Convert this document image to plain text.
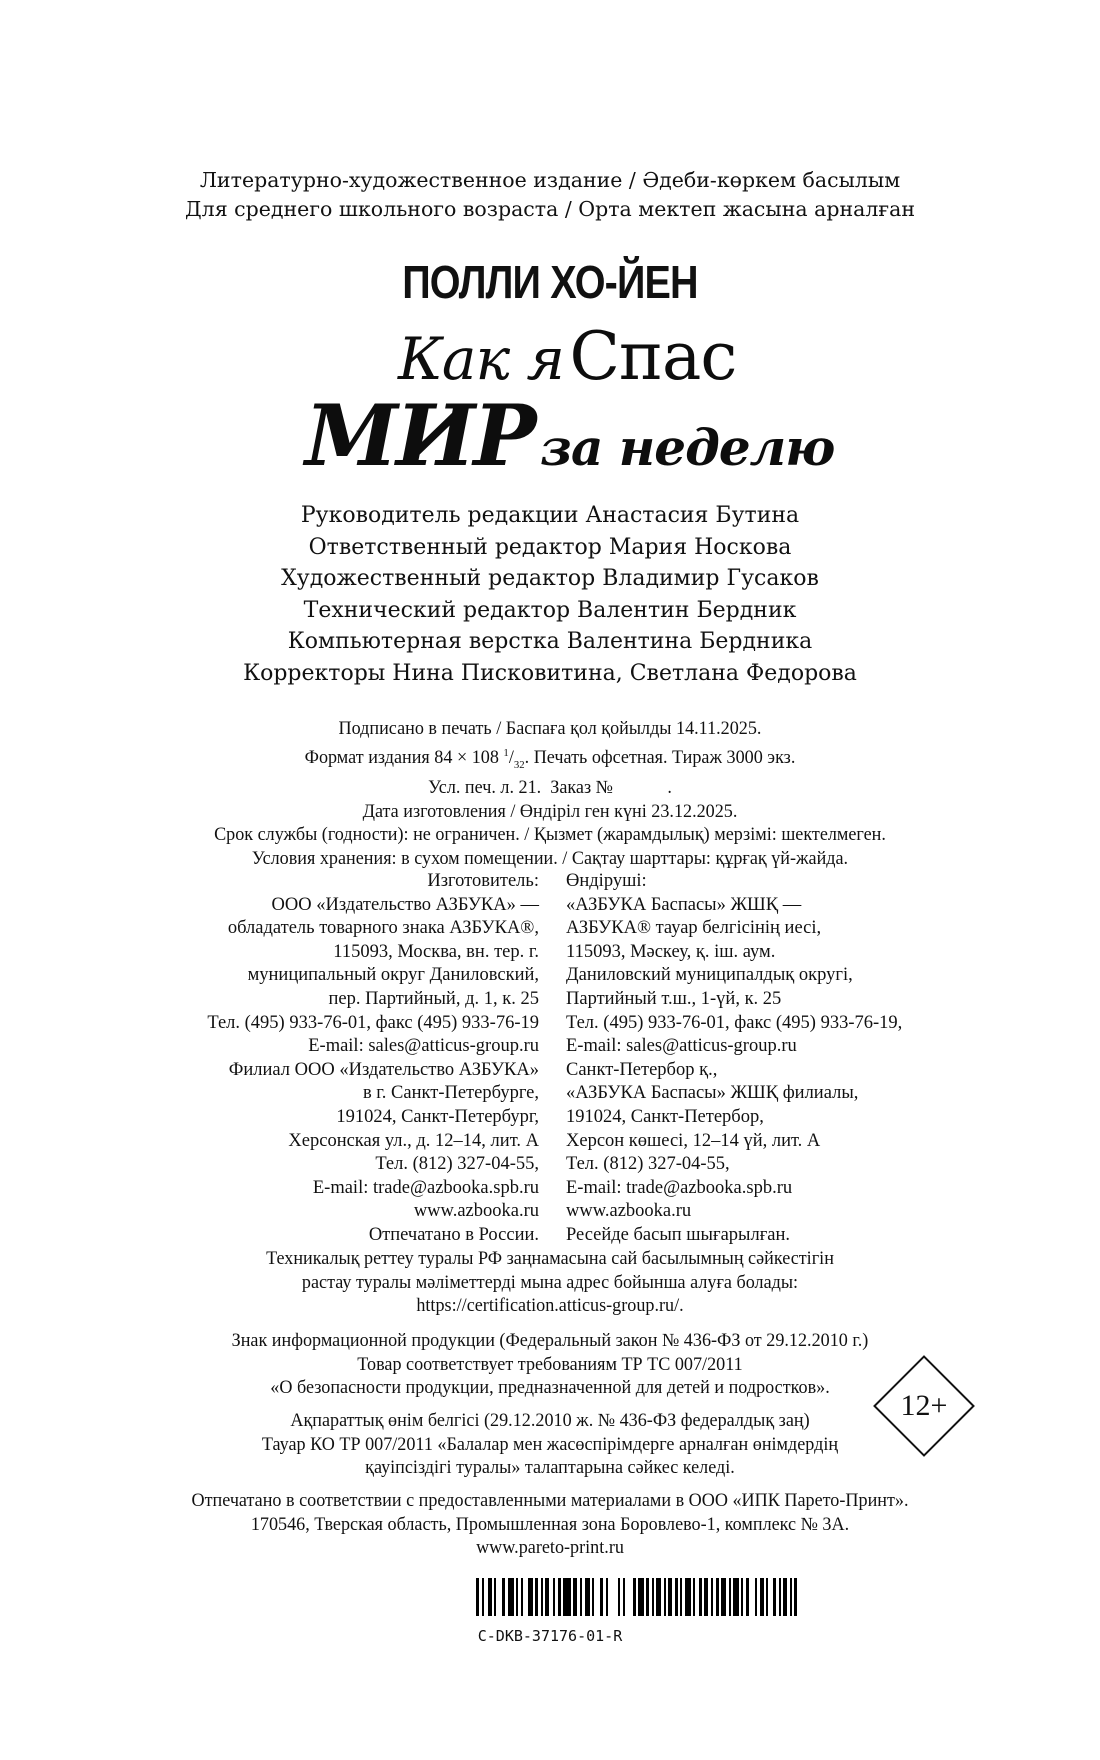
Литературно-художественное издание / Әдеби-көркем басылым
Для среднего школьного возраста / Орта мектеп жасына арналған
ПОЛЛИ ХО-ЙЕН
Как я Спас
МИР за неделю
Руководитель редакции Анастасия Бутина
Ответственный редактор Мария Носкова
Художественный редактор Владимир Гусаков
Технический редактор Валентин Бердник
Компьютерная верстка Валентина Бердника
Корректоры Нина Писковитина, Светлана Федорова
Подписано в печать / Баспаға қол қойылды 14.11.2025.
Формат издания 84 × 108 $^1/_{32}$. Печать офсетная. Тираж 3000 экз.
Усл. печ. л. 21.  Заказ №            .
Дата изготовления / Өндіріл ген күні 23.12.2025.
Срок службы (годности): не ограничен. / Қызмет (жарамдылық) мерзімі: шектелмеген.
Условия хранения: в сухом помещении. / Сақтау шарттары: құрғақ үй-жайда.
Изготовитель:
ООО «Издательство АЗБУКА» —
обладатель товарного знака АЗБУКА®,
115093, Москва, вн. тер. г.
муниципальный округ Даниловский,
пер. Партийный, д. 1, к. 25
Тел. (495) 933-76-01, факс (495) 933-76-19
E-mail: sales@atticus-group.ru
Филиал ООО «Издательство АЗБУКА»
в г. Санкт-Петербурге,
191024, Санкт-Петербург,
Херсонская ул., д. 12–14, лит. А
Тел. (812) 327-04-55,
E-mail: trade@azbooka.spb.ru
www.azbooka.ru
Отпечатано в России.
Өндіруші:
«АЗБУКА Баспасы» ЖШҚ —
АЗБУКА® тауар белгісінің иесі,
115093, Мәскеу, қ. іш. аум.
Даниловский муниципалдық округі,
Партийный т.ш., 1-үй, к. 25
Тел. (495) 933-76-01, факс (495) 933-76-19,
E-mail: sales@atticus-group.ru
Санкт-Петербор қ.,
«АЗБУКА Баспасы» ЖШҚ филиалы,
191024, Санкт-Петербор,
Херсон көшесі, 12–14 үй, лит. А
Тел. (812) 327-04-55,
E-mail: trade@azbooka.spb.ru
www.azbooka.ru
Ресейде басып шығарылған.
Техникалық реттеу туралы РФ заңнамасына сай басылымның сәйкестігін
растау туралы мәліметтерді мына адрес бойынша алуға болады:
https://certification.atticus-group.ru/.
Знак информационной продукции (Федеральный закон № 436-ФЗ от 29.12.2010 г.)
Товар соответствует требованиям ТР ТС 007/2011
«О безопасности продукции, предназначенной для детей и подростков».
12+
Ақпараттық өнім белгісі (29.12.2010 ж. № 436-ФЗ федералдық заң)
Тауар КО ТР 007/2011 «Балалар мен жасөспірімдерге арналған өнімдердің
қауіпсіздігі туралы» талаптарына сәйкес келеді.
Отпечатано в соответствии с предоставленными материалами в ООО «ИПК Парето-Принт».
170546, Тверская область, Промышленная зона Боровлево-1, комплекс № 3А.
www.pareto-print.ru
C-DKB-37176-01-R
